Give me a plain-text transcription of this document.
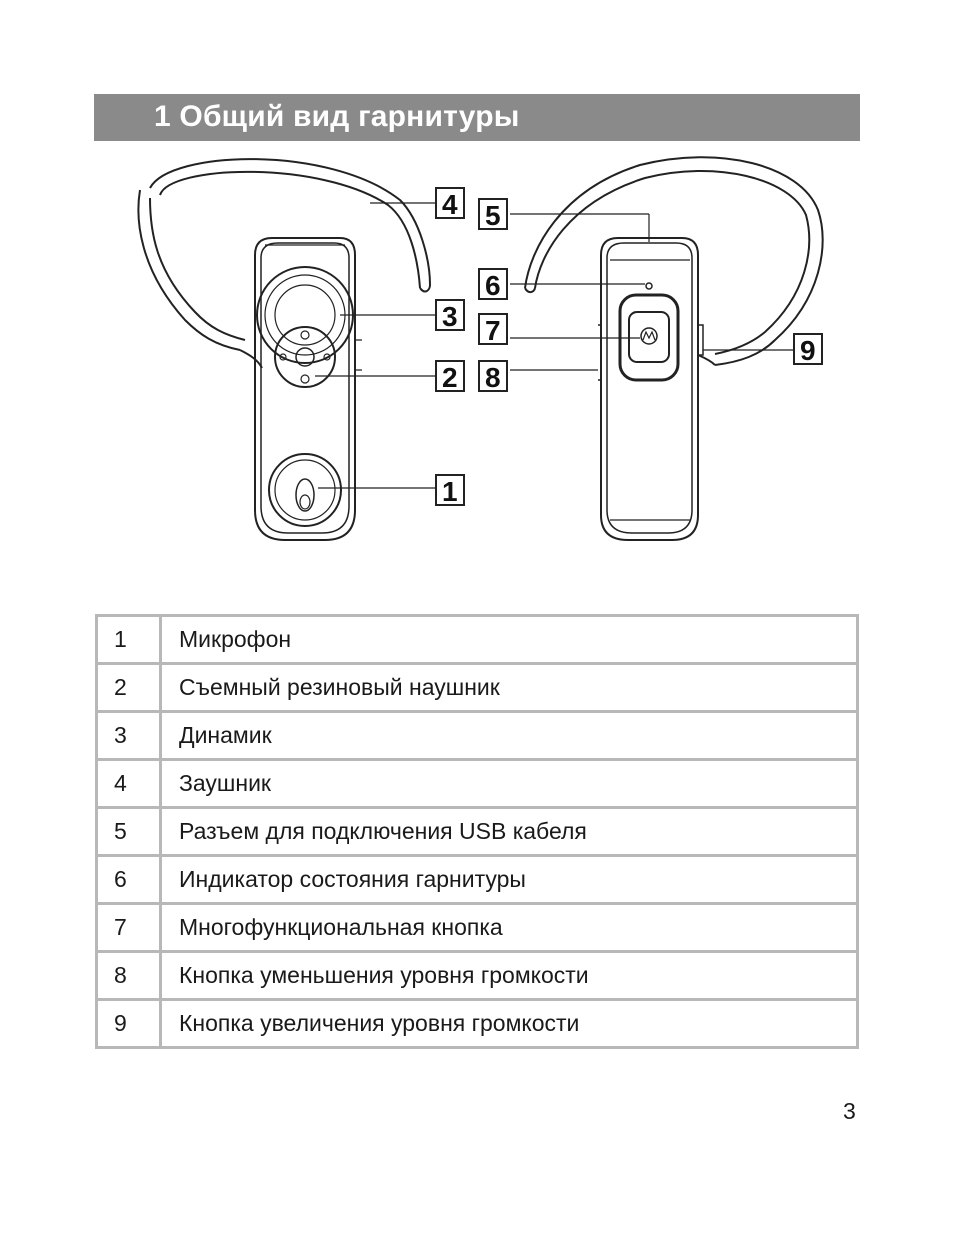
1 Общий вид гарнитуры
4 5
6
3 7
2 8
1
9
1	Микрофон
2	Съемный резиновый наушник
3	Динамик
4	Заушник
5	Разъем для подключения USB кабеля
6	Индикатор состояния гарнитуры
7	Многофункциональная кнопка
8	Кнопка уменьшения уровня громкости
9	Кнопка увеличения уровня громкости
3
